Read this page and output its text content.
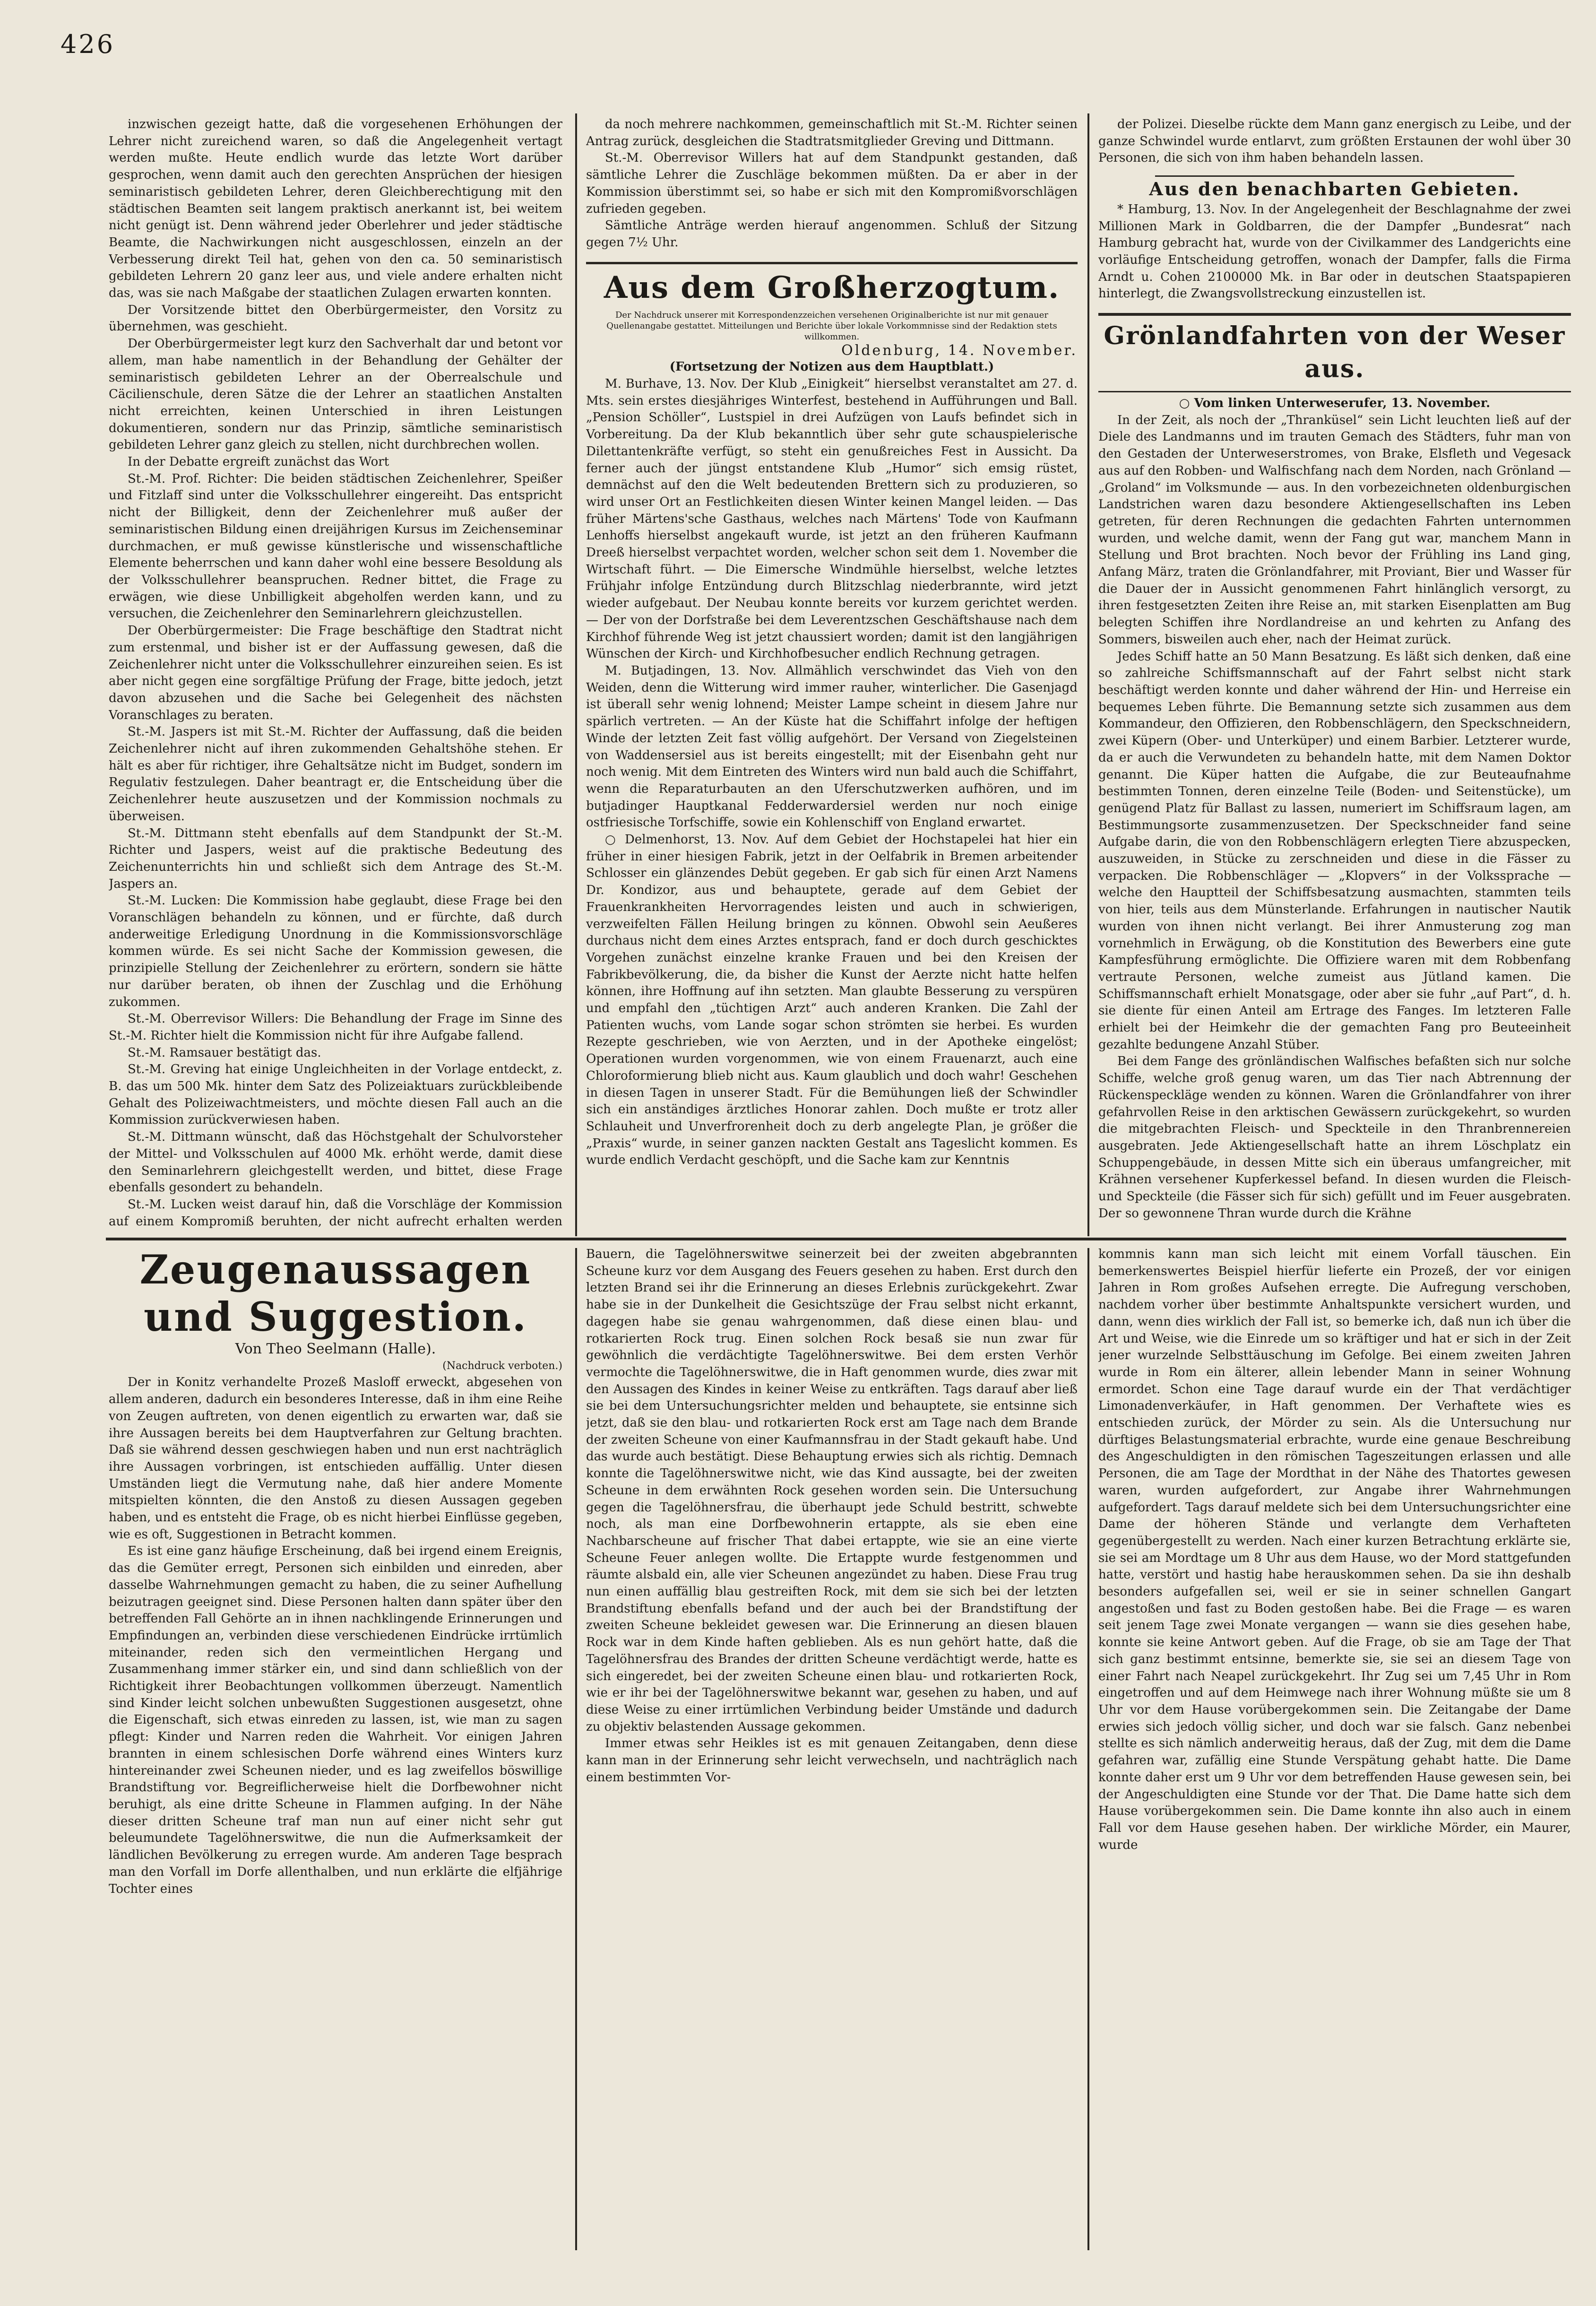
426

inzwischen gezeigt hatte, daß die vorgesehenen Erhöhungen der Lehrer nicht zureichend waren, so daß die Angelegenheit vertagt werden mußte. Heute endlich wurde das letzte Wort darüber gesprochen, wenn damit auch den gerechten Ansprüchen der hiesigen seminaristisch gebildeten Lehrer, deren Gleichberechtigung mit den städtischen Beamten seit langem praktisch anerkannt ist, bei weitem nicht genügt ist. Denn während jeder Oberlehrer und jeder städtische Beamte, die Nachwirkungen nicht ausgeschlossen, einzeln an der Verbesserung direkt Teil hat, gehen von den ca. 50 seminaristisch gebildeten Lehrern 20 ganz leer aus, und viele andere erhalten nicht das, was sie nach Maßgabe der staatlichen Zulagen erwarten konnten.

Der Vorsitzende bittet den Oberbürgermeister, den Vorsitz zu übernehmen, was geschieht.

Der Oberbürgermeister legt kurz den Sachverhalt dar und betont vor allem, man habe namentlich in der Behandlung der Gehälter der seminaristisch gebildeten Lehrer an der Oberrealschule und Cäcilienschule, deren Sätze die der Lehrer an staatlichen Anstalten nicht erreichten, keinen Unterschied in ihren Leistungen dokumentieren, sondern nur das Prinzip, sämtliche seminaristisch gebildeten Lehrer ganz gleich zu stellen, nicht durchbrechen wollen.

In der Debatte ergreift zunächst das Wort

St.-M. Prof. Richter: Die beiden städtischen Zeichenlehrer, Speißer und Fitzlaff sind unter die Volksschullehrer eingereiht. Das entspricht nicht der Billigkeit, denn der Zeichenlehrer muß außer der seminaristischen Bildung einen dreijährigen Kursus im Zeichenseminar durchmachen, er muß gewisse künstlerische und wissenschaftliche Elemente beherrschen und kann daher wohl eine bessere Besoldung als der Volksschullehrer beanspruchen. Redner bittet, die Frage zu erwägen, wie diese Unbilligkeit abgeholfen werden kann, und zu versuchen, die Zeichenlehrer den Seminarlehrern gleichzustellen.

Der Oberbürgermeister: Die Frage beschäftige den Stadtrat nicht zum erstenmal, und bisher ist er der Auffassung gewesen, daß die Zeichenlehrer nicht unter die Volksschullehrer einzureihen seien. Es ist aber nicht gegen eine sorgfältige Prüfung der Frage, bitte jedoch, jetzt davon abzusehen und die Sache bei Gelegenheit des nächsten Voranschlages zu beraten.

St.-M. Jaspers ist mit St.-M. Richter der Auffassung, daß die beiden Zeichenlehrer nicht auf ihren zukommenden Gehaltshöhe stehen. Er hält es aber für richtiger, ihre Gehaltsätze nicht im Budget, sondern im Regulativ festzulegen. Daher beantragt er, die Entscheidung über die Zeichenlehrer heute auszusetzen und der Kommission nochmals zu überweisen.

St.-M. Dittmann steht ebenfalls auf dem Standpunkt der St.-M. Richter und Jaspers, weist auf die praktische Bedeutung des Zeichenunterrichts hin und schließt sich dem Antrage des St.-M. Jaspers an.

St.-M. Lucken: Die Kommission habe geglaubt, diese Frage bei den Voranschlägen behandeln zu können, und er fürchte, daß durch anderweitige Erledigung Unordnung in die Kommissionsvorschläge kommen würde. Es sei nicht Sache der Kommission gewesen, die prinzipielle Stellung der Zeichenlehrer zu erörtern, sondern sie hätte nur darüber beraten, ob ihnen der Zuschlag und die Erhöhung zukommen.

St.-M. Oberrevisor Willers: Die Behandlung der Frage im Sinne des St.-M. Richter hielt die Kommission nicht für ihre Aufgabe fallend.

St.-M. Ramsauer bestätigt das.

St.-M. Greving hat einige Ungleichheiten in der Vorlage entdeckt, z. B. das um 500 Mk. hinter dem Satz des Polizeiaktuars zurückbleibende Gehalt des Polizeiwachtmeisters, und möchte diesen Fall auch an die Kommission zurückverwiesen haben.

St.-M. Dittmann wünscht, daß das Höchstgehalt der Schulvorsteher der Mittel- und Volksschulen auf 4000 Mk. erhöht werde, damit diese den Seminarlehrern gleichgestellt werden, und bittet, diese Frage ebenfalls gesondert zu behandeln.

St.-M. Lucken weist darauf hin, daß die Vorschläge der Kommission auf einem Kompromiß beruhten, der nicht aufrecht erhalten werden

da noch mehrere nachkommen, gemeinschaftlich mit St.-M. Richter seinen Antrag zurück, desgleichen die Stadtratsmitglieder Greving und Dittmann.

St.-M. Oberrevisor Willers hat auf dem Standpunkt gestanden, daß sämtliche Lehrer die Zuschläge bekommen müßten. Da er aber in der Kommission überstimmt sei, so habe er sich mit den Kompromißvorschlägen zufrieden gegeben.

Sämtliche Anträge werden hierauf angenommen. Schluß der Sitzung gegen 7½ Uhr.

Aus dem Großherzogtum.
Der Nachdruck unserer mit Korrespondenzzeichen versehenen Originalberichte ist nur mit genauer Quellenangabe gestattet. Mitteilungen und Berichte über lokale Vorkommnisse sind der Redaktion stets willkommen.
Oldenburg, 14. November.
(Fortsetzung der Notizen aus dem Hauptblatt.)

M. Burhave, 13. Nov. Der Klub „Einigkeit“ hierselbst veranstaltet am 27. d. Mts. sein erstes diesjähriges Winterfest, bestehend in Aufführungen und Ball. „Pension Schöller“, Lustspiel in drei Aufzügen von Laufs befindet sich in Vorbereitung. Da der Klub bekanntlich über sehr gute schauspielerische Dilettantenkräfte verfügt, so steht ein genußreiches Fest in Aussicht. Da ferner auch der jüngst entstandene Klub „Humor“ sich emsig rüstet, demnächst auf den die Welt bedeutenden Brettern sich zu produzieren, so wird unser Ort an Festlichkeiten diesen Winter keinen Mangel leiden. — Das früher Märtens'sche Gasthaus, welches nach Märtens' Tode von Kaufmann Lenhoffs hierselbst angekauft wurde, ist jetzt an den früheren Kaufmann Dreeß hierselbst verpachtet worden, welcher schon seit dem 1. November die Wirtschaft führt. — Die Eimersche Windmühle hierselbst, welche letztes Frühjahr infolge Entzündung durch Blitzschlag niederbrannte, wird jetzt wieder aufgebaut. Der Neubau konnte bereits vor kurzem gerichtet werden. — Der von der Dorfstraße bei dem Leverentzschen Geschäftshause nach dem Kirchhof führende Weg ist jetzt chaussiert worden; damit ist den langjährigen Wünschen der Kirch- und Kirchhofbesucher endlich Rechnung getragen.

M. Butjadingen, 13. Nov. Allmählich verschwindet das Vieh von den Weiden, denn die Witterung wird immer rauher, winterlicher. Die Gasenjagd ist überall sehr wenig lohnend; Meister Lampe scheint in diesem Jahre nur spärlich vertreten. — An der Küste hat die Schiffahrt infolge der heftigen Winde der letzten Zeit fast völlig aufgehört. Der Versand von Ziegelsteinen von Waddensersiel aus ist bereits eingestellt; mit der Eisenbahn geht nur noch wenig. Mit dem Eintreten des Winters wird nun bald auch die Schiffahrt, wenn die Reparaturbauten an den Uferschutzwerken aufhören, und im butjadinger Hauptkanal Fedderwardersiel werden nur noch einige ostfriesische Torfschiffe, sowie ein Kohlenschiff von England erwartet.

○ Delmenhorst, 13. Nov. Auf dem Gebiet der Hochstapelei hat hier ein früher in einer hiesigen Fabrik, jetzt in der Oelfabrik in Bremen arbeitender Schlosser ein glänzendes Debüt gegeben. Er gab sich für einen Arzt Namens Dr. Kondizor, aus und behauptete, gerade auf dem Gebiet der Frauenkrankheiten Hervorragendes leisten und auch in schwierigen, verzweifelten Fällen Heilung bringen zu können. Obwohl sein Aeußeres durchaus nicht dem eines Arztes entsprach, fand er doch durch geschicktes Vorgehen zunächst einzelne kranke Frauen und bei den Kreisen der Fabrikbevölkerung, die, da bisher die Kunst der Aerzte nicht hatte helfen können, ihre Hoffnung auf ihn setzten. Man glaubte Besserung zu verspüren und empfahl den „tüchtigen Arzt“ auch anderen Kranken. Die Zahl der Patienten wuchs, vom Lande sogar schon strömten sie herbei. Es wurden Rezepte geschrieben, wie von Aerzten, und in der Apotheke eingelöst; Operationen wurden vorgenommen, wie von einem Frauenarzt, auch eine Chloroformierung blieb nicht aus. Kaum glaublich und doch wahr! Geschehen in diesen Tagen in unserer Stadt. Für die Bemühungen ließ der Schwindler sich ein anständiges ärztliches Honorar zahlen. Doch mußte er trotz aller Schlauheit und Unverfrorenheit doch zu derb angelegte Plan, je größer die „Praxis“ wurde, in seiner ganzen nackten Gestalt ans Tageslicht kommen. Es wurde endlich Verdacht geschöpft, und die Sache kam zur Kenntnis

der Polizei. Dieselbe rückte dem Mann ganz energisch zu Leibe, und der ganze Schwindel wurde entlarvt, zum größten Erstaunen der wohl über 30 Personen, die sich von ihm haben behandeln lassen.

Aus den benachbarten Gebieten.

* Hamburg, 13. Nov. In der Angelegenheit der Beschlagnahme der zwei Millionen Mark in Goldbarren, die der Dampfer „Bundesrat“ nach Hamburg gebracht hat, wurde von der Civilkammer des Landgerichts eine vorläufige Entscheidung getroffen, wonach der Dampfer, falls die Firma Arndt u. Cohen 2100000 Mk. in Bar oder in deutschen Staatspapieren hinterlegt, die Zwangsvollstreckung einzustellen ist.

Grönlandfahrten von der Weser aus.
○ Vom linken Unterweserufer, 13. November.

In der Zeit, als noch der „Thranküsel“ sein Licht leuchten ließ auf der Diele des Landmanns und im trauten Gemach des Städters, fuhr man von den Gestaden der Unterweserstromes, von Brake, Elsfleth und Vegesack aus auf den Robben- und Walfischfang nach dem Norden, nach Grönland — „Groland“ im Volksmunde — aus. In den vorbezeichneten oldenburgischen Landstrichen waren dazu besondere Aktiengesellschaften ins Leben getreten, für deren Rechnungen die gedachten Fahrten unternommen wurden, und welche damit, wenn der Fang gut war, manchem Mann in Stellung und Brot brachten. Noch bevor der Frühling ins Land ging, Anfang März, traten die Grönlandfahrer, mit Proviant, Bier und Wasser für die Dauer der in Aussicht genommenen Fahrt hinlänglich versorgt, zu ihren festgesetzten Zeiten ihre Reise an, mit starken Eisenplatten am Bug belegten Schiffen ihre Nordlandreise an und kehrten zu Anfang des Sommers, bisweilen auch eher, nach der Heimat zurück.

Jedes Schiff hatte an 50 Mann Besatzung. Es läßt sich denken, daß eine so zahlreiche Schiffsmannschaft auf der Fahrt selbst nicht stark beschäftigt werden konnte und daher während der Hin- und Herreise ein bequemes Leben führte. Die Bemannung setzte sich zusammen aus dem Kommandeur, den Offizieren, den Robbenschlägern, den Speckschneidern, zwei Küpern (Ober- und Unterküper) und einem Barbier. Letzterer wurde, da er auch die Verwundeten zu behandeln hatte, mit dem Namen Doktor genannt. Die Küper hatten die Aufgabe, die zur Beuteaufnahme bestimmten Tonnen, deren einzelne Teile (Boden- und Seitenstücke), um genügend Platz für Ballast zu lassen, numeriert im Schiffsraum lagen, am Bestimmungsorte zusammenzusetzen. Der Speckschneider fand seine Aufgabe darin, die von den Robbenschlägern erlegten Tiere abzuspecken, auszuweiden, in Stücke zu zerschneiden und diese in die Fässer zu verpacken. Die Robbenschläger — „Klopvers“ in der Volkssprache — welche den Hauptteil der Schiffsbesatzung ausmachten, stammten teils von hier, teils aus dem Münsterlande. Erfahrungen in nautischer Nautik wurden von ihnen nicht verlangt. Bei ihrer Anmusterung zog man vornehmlich in Erwägung, ob die Konstitution des Bewerbers eine gute Kampfesführung ermöglichte. Die Offiziere waren mit dem Robbenfang vertraute Personen, welche zumeist aus Jütland kamen. Die Schiffsmannschaft erhielt Monatsgage, oder aber sie fuhr „auf Part“, d. h. sie diente für einen Anteil am Ertrage des Fanges. Im letzteren Falle erhielt bei der Heimkehr die der gemachten Fang pro Beuteeinheit gezahlte bedungene Anzahl Stüber.

Bei dem Fange des grönländischen Walfisches befaßten sich nur solche Schiffe, welche groß genug waren, um das Tier nach Abtrennung der Rückenspeckläge wenden zu können. Waren die Grönlandfahrer von ihrer gefahrvollen Reise in den arktischen Gewässern zurückgekehrt, so wurden die mitgebrachten Fleisch- und Speckteile in den Thranbrennereien ausgebraten. Jede Aktiengesellschaft hatte an ihrem Löschplatz ein Schuppengebäude, in dessen Mitte sich ein überaus umfangreicher, mit Krähnen versehener Kupferkessel befand. In diesen wurden die Fleisch- und Speckteile (die Fässer sich für sich) gefüllt und im Feuer ausgebraten. Der so gewonnene Thran wurde durch die Krähne

Zeugenaussagen und Suggestion.
Von Theo Seelmann (Halle).
(Nachdruck verboten.)

Der in Konitz verhandelte Prozeß Masloff erweckt, abgesehen von allem anderen, dadurch ein besonderes Interesse, daß in ihm eine Reihe von Zeugen auftreten, von denen eigentlich zu erwarten war, daß sie ihre Aussagen bereits bei dem Hauptverfahren zur Geltung brachten. Daß sie während dessen geschwiegen haben und nun erst nachträglich ihre Aussagen vorbringen, ist entschieden auffällig. Unter diesen Umständen liegt die Vermutung nahe, daß hier andere Momente mitspielten könnten, die den Anstoß zu diesen Aussagen gegeben haben, und es entsteht die Frage, ob es nicht hierbei Einflüsse gegeben, wie es oft, Suggestionen in Betracht kommen.

Es ist eine ganz häufige Erscheinung, daß bei irgend einem Ereignis, das die Gemüter erregt, Personen sich einbilden und einreden, aber dasselbe Wahrnehmungen gemacht zu haben, die zu seiner Aufhellung beizutragen geeignet sind. Diese Personen halten dann später über den betreffenden Fall Gehörte an in ihnen nachklingende Erinnerungen und Empfindungen an, verbinden diese verschiedenen Eindrücke irrtümlich miteinander, reden sich den vermeintlichen Hergang und Zusammenhang immer stärker ein, und sind dann schließlich von der Richtigkeit ihrer Beobachtungen vollkommen überzeugt. Namentlich sind Kinder leicht solchen unbewußten Suggestionen ausgesetzt, ohne die Eigenschaft, sich etwas einreden zu lassen, ist, wie man zu sagen pflegt: Kinder und Narren reden die Wahrheit. Vor einigen Jahren brannten in einem schlesischen Dorfe während eines Winters kurz hintereinander zwei Scheunen nieder, und es lag zweifellos böswillige Brandstiftung vor. Begreiflicherweise hielt die Dorfbewohner nicht beruhigt, als eine dritte Scheune in Flammen aufging. In der Nähe dieser dritten Scheune traf man nun auf einer nicht sehr gut beleumundete Tagelöhnerswitwe, die nun die Aufmerksamkeit der ländlichen Bevölkerung zu erregen wurde. Am anderen Tage besprach man den Vorfall im Dorfe allenthalben, und nun erklärte die elfjährige Tochter eines

Bauern, die Tagelöhnerswitwe seinerzeit bei der zweiten abgebrannten Scheune kurz vor dem Ausgang des Feuers gesehen zu haben. Erst durch den letzten Brand sei ihr die Erinnerung an dieses Erlebnis zurückgekehrt. Zwar habe sie in der Dunkelheit die Gesichtszüge der Frau selbst nicht erkannt, dagegen habe sie genau wahrgenommen, daß diese einen blau- und rotkarierten Rock trug. Einen solchen Rock besaß sie nun zwar für gewöhnlich die verdächtigte Tagelöhnerswitwe. Bei dem ersten Verhör vermochte die Tagelöhnerswitwe, die in Haft genommen wurde, dies zwar mit den Aussagen des Kindes in keiner Weise zu entkräften. Tags darauf aber ließ sie bei dem Untersuchungsrichter melden und behauptete, sie entsinne sich jetzt, daß sie den blau- und rotkarierten Rock erst am Tage nach dem Brande der zweiten Scheune von einer Kaufmannsfrau in der Stadt gekauft habe. Und das wurde auch bestätigt. Diese Behauptung erwies sich als richtig. Demnach konnte die Tagelöhnerswitwe nicht, wie das Kind aussagte, bei der zweiten Scheune in dem erwähnten Rock gesehen worden sein. Die Untersuchung gegen die Tagelöhnersfrau, die überhaupt jede Schuld bestritt, schwebte noch, als man eine Dorfbewohnerin ertappte, als sie eben eine Nachbarscheune auf frischer That dabei ertappte, wie sie an eine vierte Scheune Feuer anlegen wollte. Die Ertappte wurde festgenommen und räumte alsbald ein, alle vier Scheunen angezündet zu haben. Diese Frau trug nun einen auffällig blau gestreiften Rock, mit dem sie sich bei der letzten Brandstiftung ebenfalls befand und der auch bei der Brandstiftung der zweiten Scheune bekleidet gewesen war. Die Erinnerung an diesen blauen Rock war in dem Kinde haften geblieben. Als es nun gehört hatte, daß die Tagelöhnersfrau des Brandes der dritten Scheune verdächtigt werde, hatte es sich eingeredet, bei der zweiten Scheune einen blau- und rotkarierten Rock, wie er ihr bei der Tagelöhnerswitwe bekannt war, gesehen zu haben, und auf diese Weise zu einer irrtümlichen Verbindung beider Umstände und dadurch zu objektiv belastenden Aussage gekommen.

Immer etwas sehr Heikles ist es mit genauen Zeitangaben, denn diese kann man in der Erinnerung sehr leicht verwechseln, und nachträglich nach einem bestimmten Vor-

kommnis kann man sich leicht mit einem Vorfall täuschen. Ein bemerkenswertes Beispiel hierfür lieferte ein Prozeß, der vor einigen Jahren in Rom großes Aufsehen erregte. Die Aufregung verschoben, nachdem vorher über bestimmte Anhaltspunkte versichert wurden, und dann, wenn dies wirklich der Fall ist, so bemerke ich, daß nun ich über die Art und Weise, wie die Einrede um so kräftiger und hat er sich in der Zeit jener wurzelnde Selbsttäuschung im Gefolge. Bei einem zweiten Jahren wurde in Rom ein älterer, allein lebender Mann in seiner Wohnung ermordet. Schon eine Tage darauf wurde ein der That verdächtiger Limonadenverkäufer, in Haft genommen. Der Verhaftete wies es entschieden zurück, der Mörder zu sein. Als die Untersuchung nur dürftiges Belastungsmaterial erbrachte, wurde eine genaue Beschreibung des Angeschuldigten in den römischen Tageszeitungen erlassen und alle Personen, die am Tage der Mordthat in der Nähe des Thatortes gewesen waren, wurden aufgefordert, zur Angabe ihrer Wahrnehmungen aufgefordert. Tags darauf meldete sich bei dem Untersuchungsrichter eine Dame der höheren Stände und verlangte dem Verhafteten gegenübergestellt zu werden. Nach einer kurzen Betrachtung erklärte sie, sie sei am Mordtage um 8 Uhr aus dem Hause, wo der Mord stattgefunden hatte, verstört und hastig habe herauskommen sehen. Da sie ihn deshalb besonders aufgefallen sei, weil er sie in seiner schnellen Gangart angestoßen und fast zu Boden gestoßen habe. Bei die Frage — es waren seit jenem Tage zwei Monate vergangen — wann sie dies gesehen habe, konnte sie keine Antwort geben. Auf die Frage, ob sie am Tage der That sich ganz bestimmt entsinne, bemerkte sie, sie sei an diesem Tage von einer Fahrt nach Neapel zurückgekehrt. Ihr Zug sei um 7,45 Uhr in Rom eingetroffen und auf dem Heimwege nach ihrer Wohnung müßte sie um 8 Uhr vor dem Hause vorübergekommen sein. Die Zeitangabe der Dame erwies sich jedoch völlig sicher, und doch war sie falsch. Ganz nebenbei stellte es sich nämlich anderweitig heraus, daß der Zug, mit dem die Dame gefahren war, zufällig eine Stunde Verspätung gehabt hatte. Die Dame konnte daher erst um 9 Uhr vor dem betreffenden Hause gewesen sein, bei der Angeschuldigten eine Stunde vor der That. Die Dame hatte sich dem Hause vorübergekommen sein. Die Dame konnte ihn also auch in einem Fall vor dem Hause gesehen haben. Der wirkliche Mörder, ein Maurer, wurde
